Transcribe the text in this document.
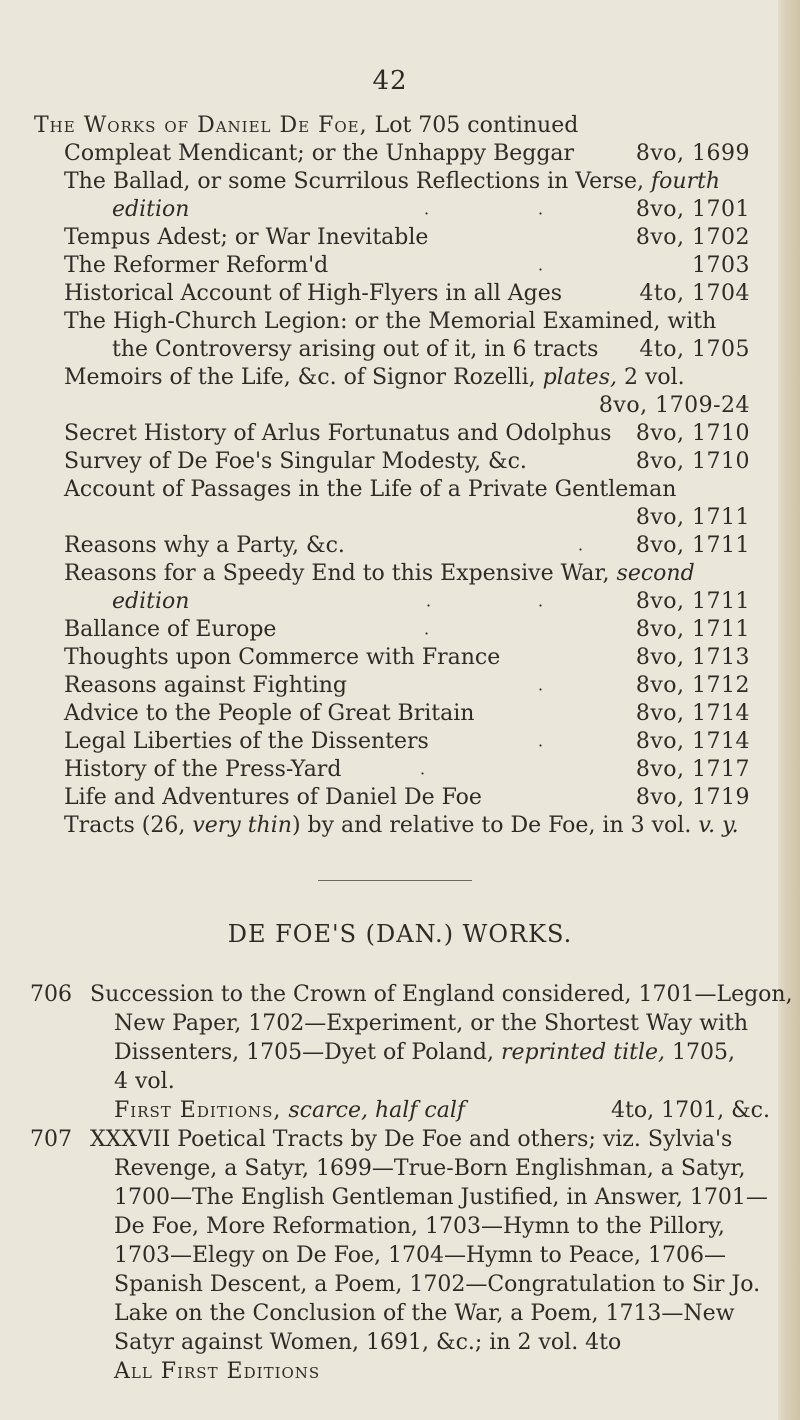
42
The Works of Daniel De Foe, Lot 705 continued
Compleat Mendicant; or the Unhappy Beggar	8vo, 1699
The Ballad, or some Scurrilous Reflections in Verse, fourth
edition	·	·	8vo, 1701
Tempus Adest; or War Inevitable	8vo, 1702
The Reformer Reform'd	·	1703
Historical Account of High-Flyers in all Ages	4to, 1704
The High-Church Legion: or the Memorial Examined, with
the Controversy arising out of it, in 6 tracts 4to, 1705
Memoirs of the Life, &c. of Signor Rozelli, plates, 2 vol.
8vo, 1709-24
Secret History of Arlus Fortunatus and Odolphus 8vo, 1710
Survey of De Foe's Singular Modesty, &c.	8vo, 1710
Account of Passages in the Life of a Private Gentleman
8vo, 1711
Reasons why a Party, &c.	· 8vo, 1711
Reasons for a Speedy End to this Expensive War, second
edition	·	·	8vo, 1711
Ballance of Europe	·	8vo, 1711
Thoughts upon Commerce with France	8vo, 1713
Reasons against Fighting	·	8vo, 1712
Advice to the People of Great Britain	8vo, 1714
Legal Liberties of the Dissenters	·	8vo, 1714
History of the Press-Yard	·	8vo, 1717
Life and Adventures of Daniel De Foe	8vo, 1719
Tracts (26, very thin) by and relative to De Foe, in 3 vol. v. y.
DE FOE'S (DAN.) WORKS.
706 Succession to the Crown of England considered, 1701—Legon,
New Paper, 1702—Experiment, or the Shortest Way with
Dissenters, 1705—Dyet of Poland, reprinted title, 1705,
4 vol.
First Editions, scarce, half calf	4to, 1701, &c.
707 XXXVII Poetical Tracts by De Foe and others; viz. Sylvia's
Revenge, a Satyr, 1699—True-Born Englishman, a Satyr,
1700—The English Gentleman Justified, in Answer, 1701—
De Foe, More Reformation, 1703—Hymn to the Pillory,
1703—Elegy on De Foe, 1704—Hymn to Peace, 1706—
Spanish Descent, a Poem, 1702—Congratulation to Sir Jo.
Lake on the Conclusion of the War, a Poem, 1713—New
Satyr against Women, 1691, &c.; in 2 vol. 4to
All First Editions
